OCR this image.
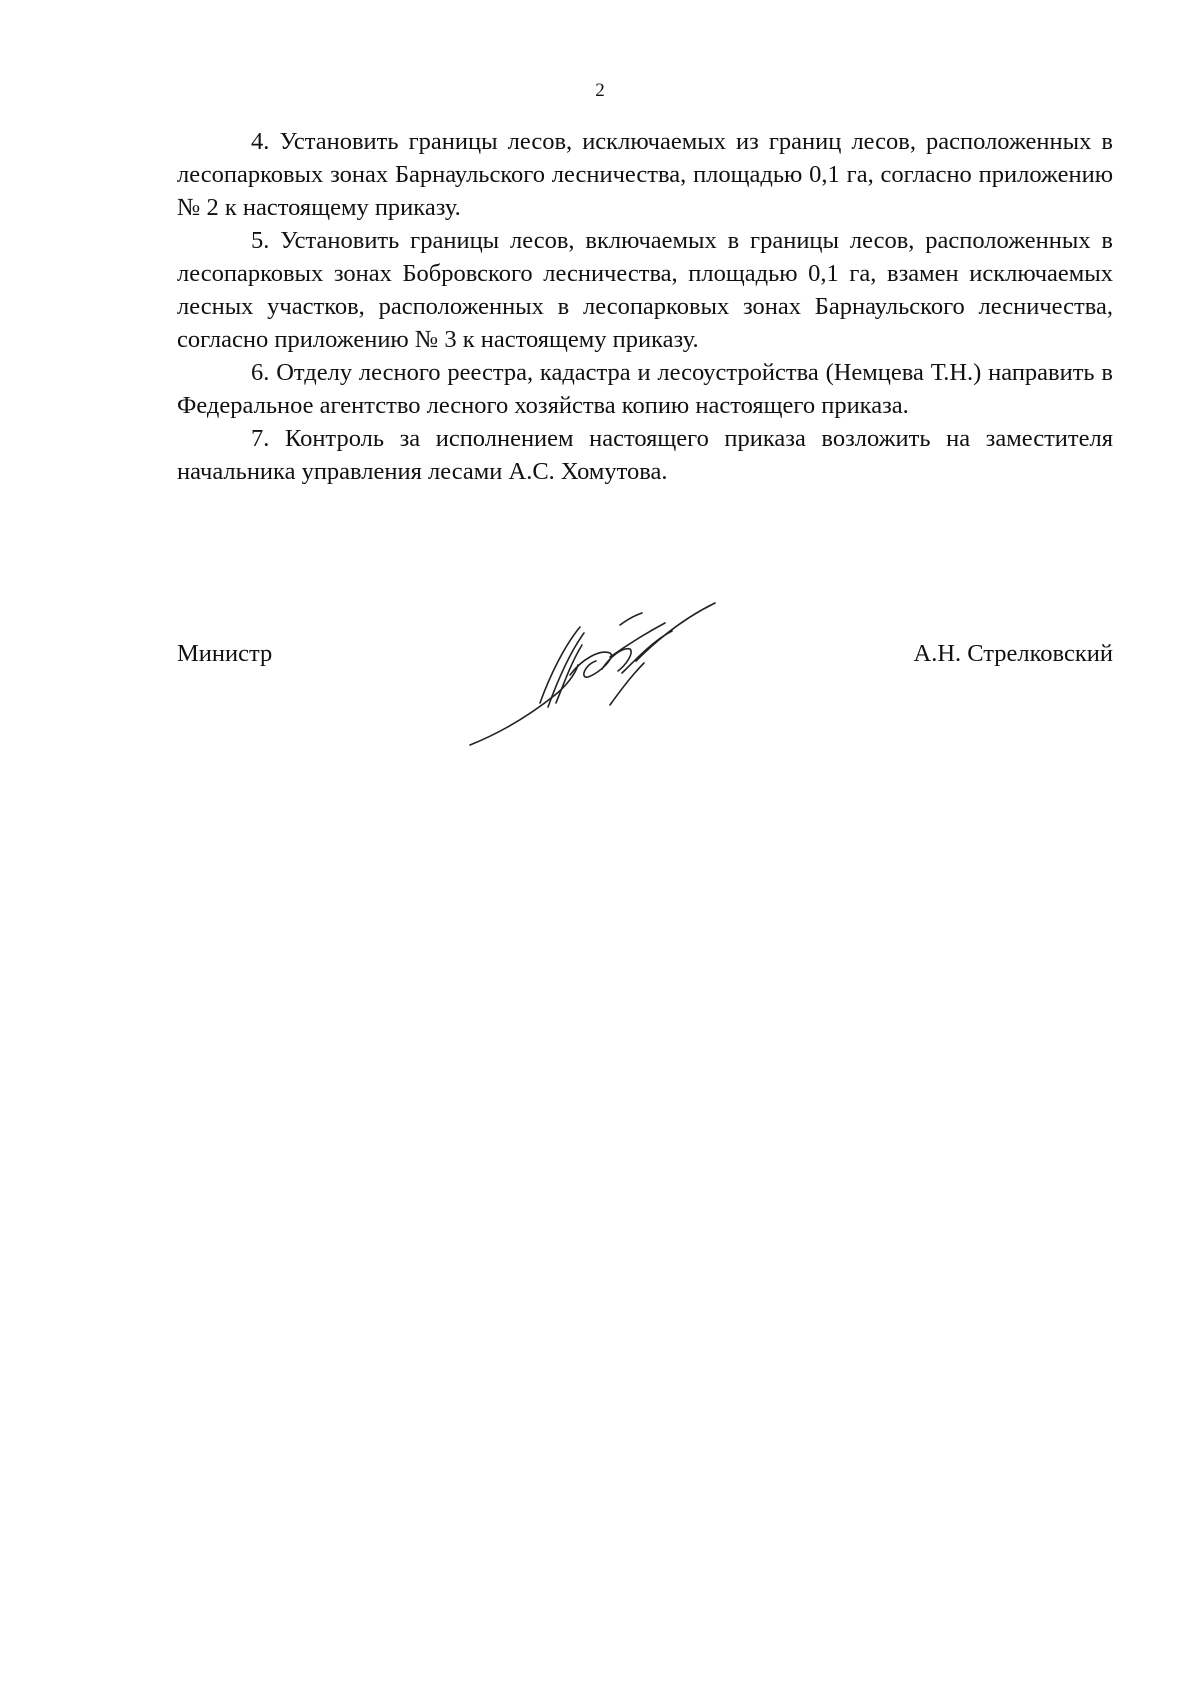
2

4. Установить границы лесов, исключаемых из границ лесов, расположенных в лесопарковых зонах Барнаульского лесничества, площадью 0,1 га, согласно приложению № 2 к настоящему приказу.

5. Установить границы лесов, включаемых в границы лесов, расположенных в лесопарковых зонах Бобровского лесничества, площадью 0,1 га, взамен исключаемых лесных участков, расположенных в лесопарковых зонах Барнаульского лесничества, согласно приложению № 3 к настоящему приказу.

6. Отделу лесного реестра, кадастра и лесоустройства (Немцева Т.Н.) направить в Федеральное агентство лесного хозяйства копию настоящего приказа.

7. Контроль за исполнением настоящего приказа возложить на заместителя начальника управления лесами А.С. Хомутова.

Министр	А.Н. Стрелковский
